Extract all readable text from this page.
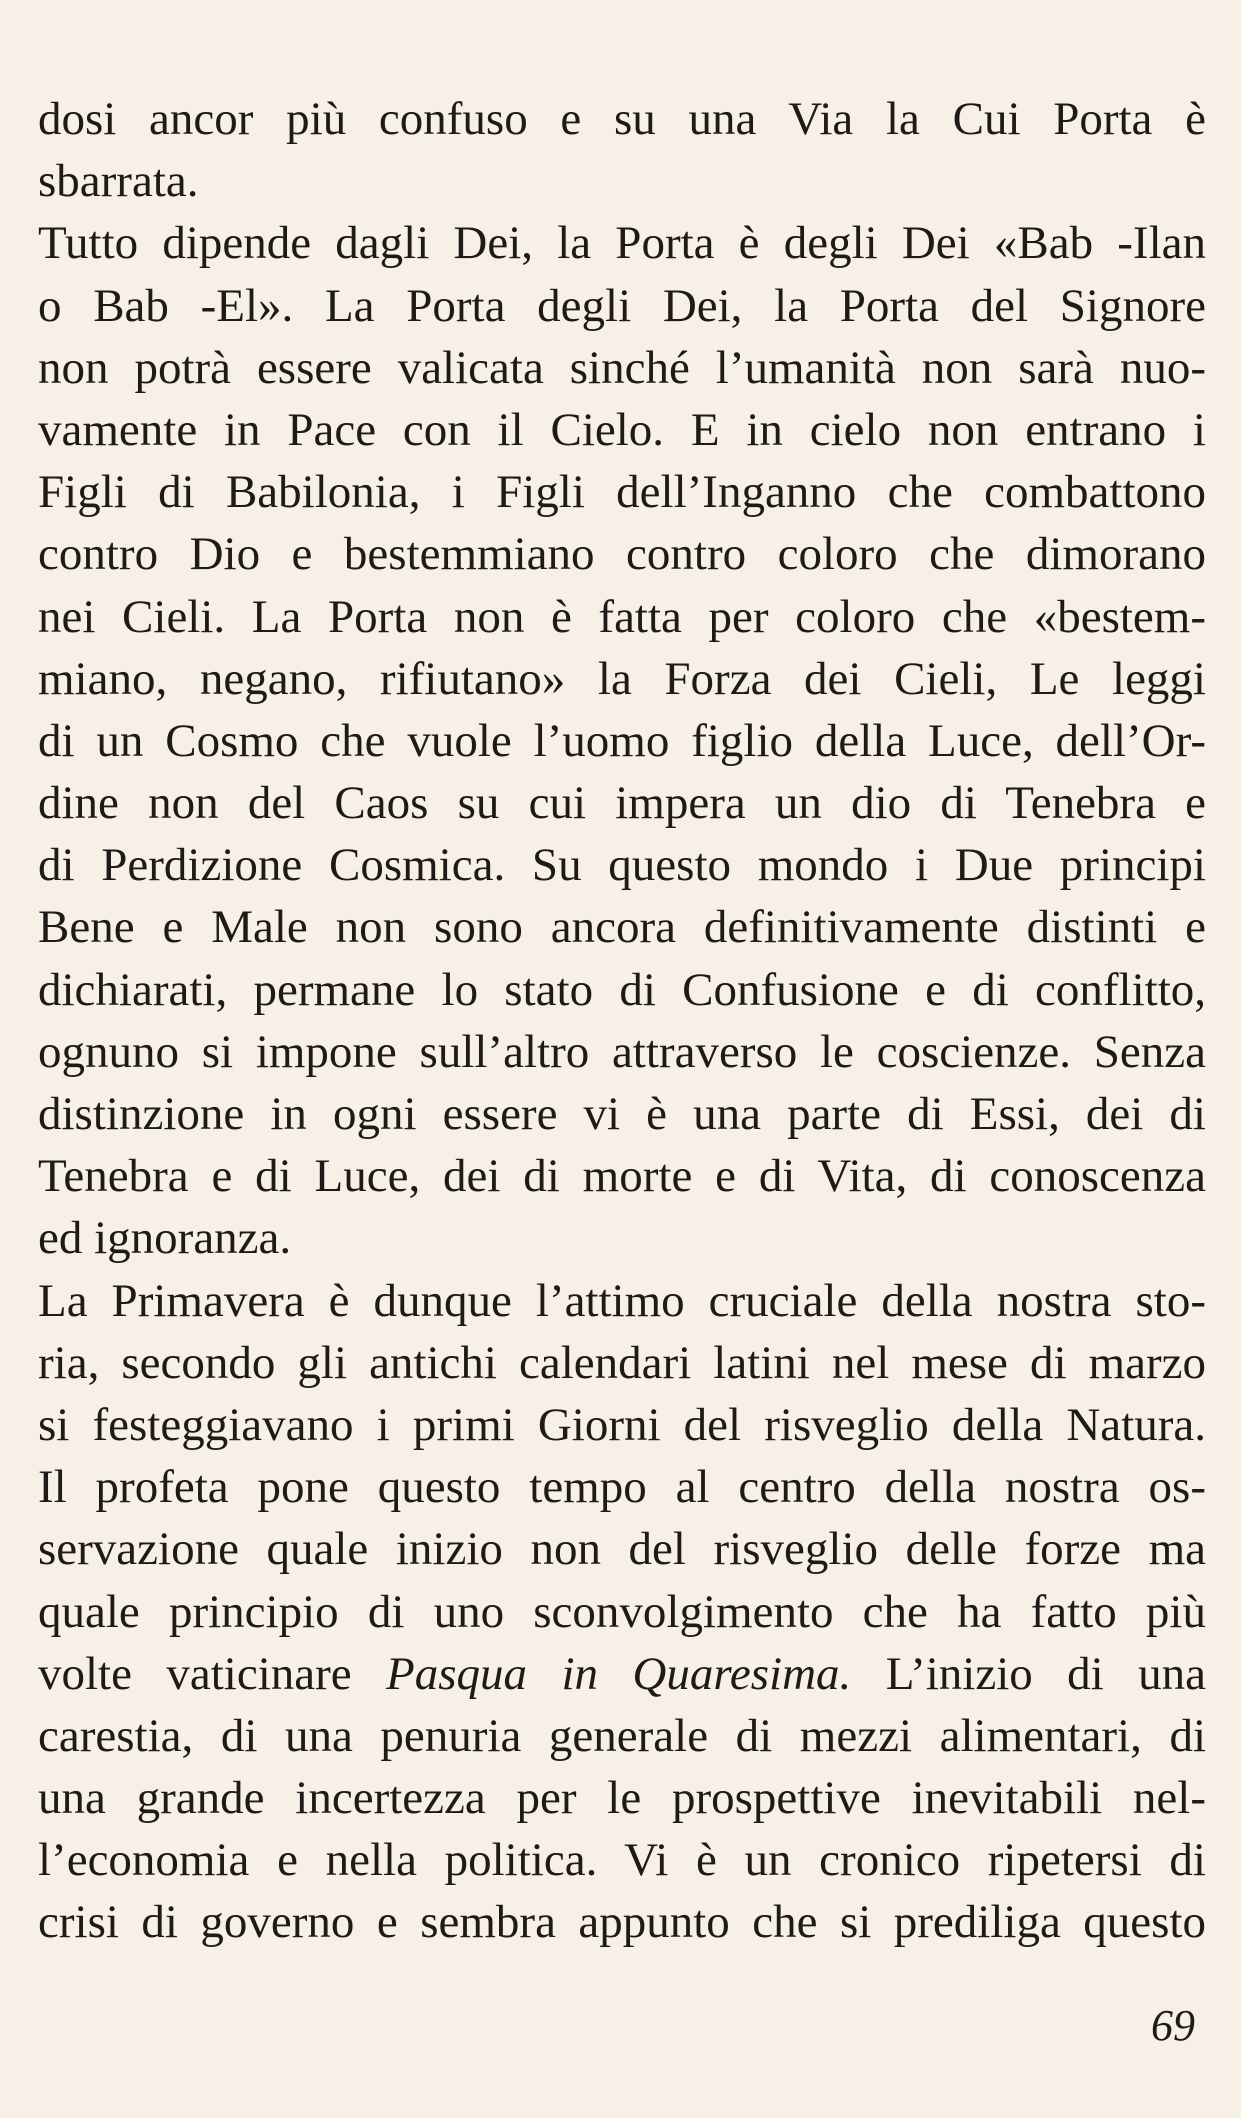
dosi ancor più confuso e su una Via la Cui Porta è
sbarrata.
Tutto dipende dagli Dei, la Porta è degli Dei «Bab -Ilan
o Bab -El». La Porta degli Dei, la Porta del Signore
non potrà essere valicata sinché l’umanità non sarà nuo-
vamente in Pace con il Cielo. E in cielo non entrano i
Figli di Babilonia, i Figli dell’Inganno che combattono
contro Dio e bestemmiano contro coloro che dimorano
nei Cieli. La Porta non è fatta per coloro che «bestem-
miano, negano, rifiutano» la Forza dei Cieli, Le leggi
di un Cosmo che vuole l’uomo figlio della Luce, dell’Or-
dine non del Caos su cui impera un dio di Tenebra e
di Perdizione Cosmica. Su questo mondo i Due principi
Bene e Male non sono ancora definitivamente distinti e
dichiarati, permane lo stato di Confusione e di conflitto,
ognuno si impone sull’altro attraverso le coscienze. Senza
distinzione in ogni essere vi è una parte di Essi, dei di
Tenebra e di Luce, dei di morte e di Vita, di conoscenza
ed ignoranza.
La Primavera è dunque l’attimo cruciale della nostra sto-
ria, secondo gli antichi calendari latini nel mese di marzo
si festeggiavano i primi Giorni del risveglio della Natura.
Il profeta pone questo tempo al centro della nostra os-
servazione quale inizio non del risveglio delle forze ma
quale principio di uno sconvolgimento che ha fatto più
volte vaticinare Pasqua in Quaresima. L’inizio di una
carestia, di una penuria generale di mezzi alimentari, di
una grande incertezza per le prospettive inevitabili nel-
l’economia e nella politica. Vi è un cronico ripetersi di
crisi di governo e sembra appunto che si prediliga questo
69
